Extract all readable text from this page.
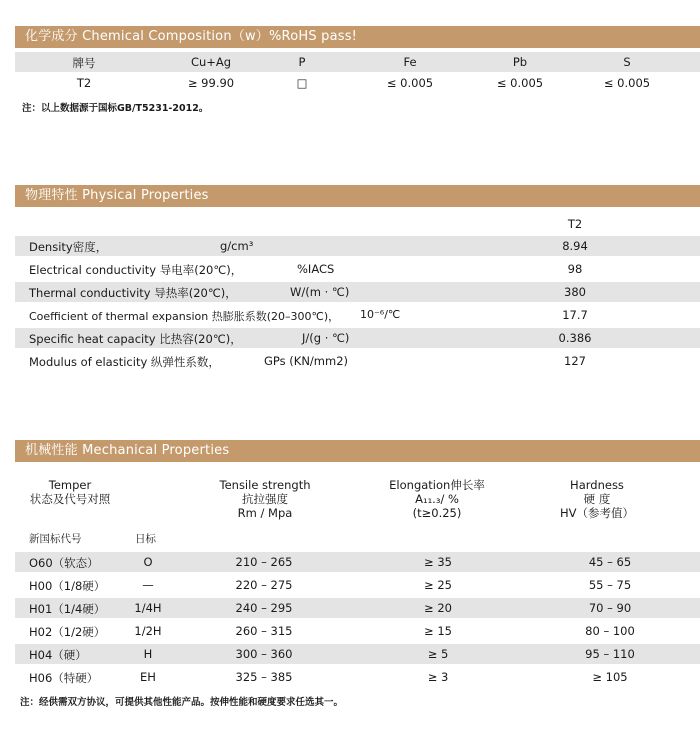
化学成分 Chemical Composition（w）%RoHS pass!
牌号	Cu+Ag	P	Fe	Pb	S
T2	≥ 99.90	□	≤ 0.005	≤ 0.005	≤ 0.005
注：以上数据源于国标GB/T5231-2012。
物理特性 Physical Properties
T2
Density密度，	g/cm³	8.94
Electrical conductivity 导电率(20℃)，	%IACS	98
Thermal conductivity 导热率(20℃)，	W/(m · ℃)	380
Coefficient of thermal expansion 热膨胀系数(20–300℃)， 10⁻⁶/℃	17.7
Specific heat capacity 比热容(20℃)，	J/(g · ℃)	0.386
Modulus of elasticity 纵弹性系数，	GPs (KN/mm2)	127
机械性能 Mechanical Properties
Temper
状态及代号对照
Tensile strength
抗拉强度
Rm / Mpa
Elongation伸长率
A₁₁.₃/ %
(t≥0.25)
Hardness
硬 度
HV（参考值）
新国标代号	日标
O60（软态）	O	210 – 265	≥ 35	45 – 65
H00（1/8硬）	—	220 – 275	≥ 25	55 – 75
H01（1/4硬）	1/4H	240 – 295	≥ 20	70 – 90
H02（1/2硬）	1/2H	260 – 315	≥ 15	80 – 100
H04（硬）	H	300 – 360	≥ 5	95 – 110
H06（特硬）	EH	325 – 385	≥ 3	≥ 105
注：经供需双方协议，可提供其他性能产品。按伸性能和硬度要求任选其一。
